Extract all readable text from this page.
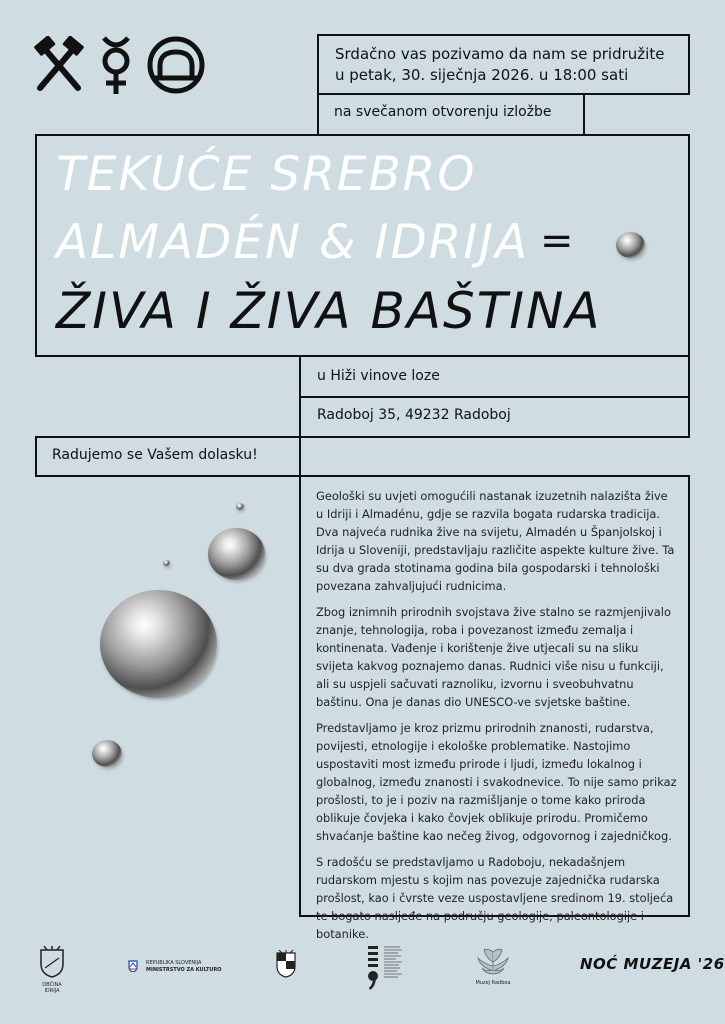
Srdačno vas pozivamo da nam se pridružite
u petak, 30. siječnja 2026. u 18:00 sati
na svečanom otvorenju izložbe
TEKUĆE SREBRO
ALMADÉN & IDRIJA =
ŽIVA I ŽIVA BAŠTINA
u Hiži vinove loze
Radoboj 35, 49232 Radoboj
Radujemo se Vašem dolasku!

Geološki su uvjeti omogućili nastanak izuzetnih nalazišta žive u Idriji i Almadénu, gdje se razvila bogata rudarska tradicija. Dva najveća rudnika žive na svijetu, Almadén u Španjolskoj i Idrija u Sloveniji, predstavljaju različite aspekte kulture žive. Ta su dva grada stotinama godina bila gospodarski i tehnološki povezana zahvaljujući rudnicima.

Zbog iznimnih prirodnih svojstava žive stalno se razmjenjivalo znanje, tehnologija, roba i povezanost između zemalja i kontinenata. Vađenje i korištenje žive utjecali su na sliku svijeta kakvog poznajemo danas. Rudnici više nisu u funkciji, ali su uspjeli sačuvati raznoliku, izvornu i sveobuhvatnu baštinu. Ona je danas dio UNESCO-ve svjetske baštine.

Predstavljamo je kroz prizmu prirodnih znanosti, rudarstva, povijesti, etnologije i ekološke problematike. Nastojimo uspostaviti most između prirode i ljudi, između lokalnog i globalnog, između znanosti i svakodnevice. To nije samo prikaz prošlosti, to je i poziv na razmišljanje o tome kako priroda oblikuje čovjeka i kako čovjek oblikuje prirodu. Promičemo shvaćanje baštine kao nečeg živog, odgovornog i zajedničkog.

S radošću se predstavljamo u Radoboju, nekadašnjem rudarskom mjestu s kojim nas povezuje zajednička rudarska prošlost, kao i čvrste veze uspostavljene sredinom 19. stoljeća te bogato nasljeđe na području geologije, paleontologije i botanike.

OBČINA IDRIJA
REPUBLIKA SLOVENIJA
MINISTRSTVO ZA KULTURO
Muzej Radboa
NOĆ MUZEJA '26
